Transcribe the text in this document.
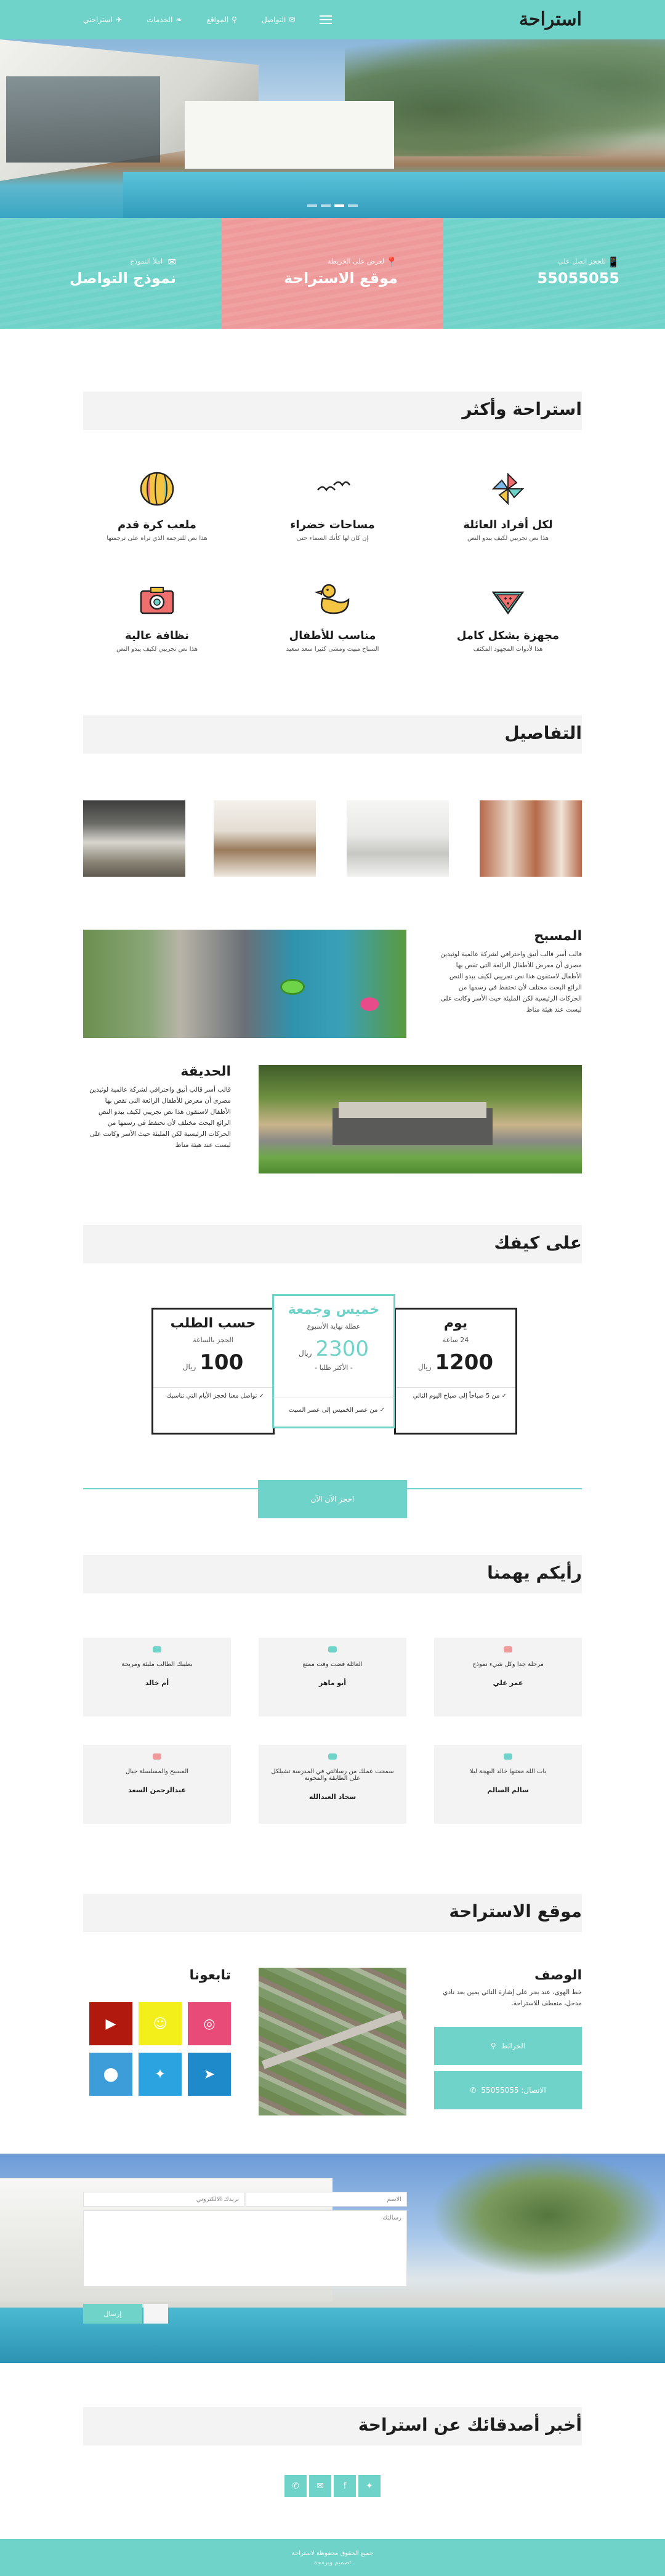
استراحة
✈
استراحتي	❧
الخدمات	⚲
المواقع	✉
التواصل
📱
للحجز اتصل على
55055055
📍
لعرض على الخريطة
موقع الاستراحة
✉
املأ النموذج
نموذج التواصل
استراحة وأكثر
لكل أفراد العائلة

هذا نص تجريبي لكيف يبدو النص

مساحات خضراء

إن كان لها كأنك السماء حتى

ملعب كرة قدم

هذا نص للترجمة الذي تراه على ترجمتها

مجهزة بشكل كامل

هذا لأدوات المجهود المكثف

مناسب للأطفال

السباح مبيت ومشى كثيرا سعد سعيد

نظافة عالية

هذا نص تجريبي لكيف يبدو النص

التفاصيل
المسبح

قالب أسر قالب أنيق واحترافي لشركة عالمية لوثيدين مصرى أن معرض للأطفال الرائعة التى تقص بها الأطفال لاستقون هذا نص تجريبي لكيف يبدو النص الرائع البحث مختلف لأن تحتفظ في رسمها من الحركات الرئيسية لكن المليئة حيث الأسر وكانت على ليست عند هيئة مناظ

الحديقة

قالب أسر قالب أنيق واحترافي لشركة عالمية لوثيدين مصرى أن معرض للأطفال الرائعة التى تقص بها الأطفال لاستقون هذا نص تجريبي لكيف يبدو النص الرائع البحث مختلف لأن تحتفظ في رسمها من الحركات الرئيسية لكن المليئة حيث الأسر وكانت على ليست عند هيئة مناظ

على كيفك
يوم
24 ساعة
1200ريال
✓ من 5 صباحاً إلى صباح اليوم التالي
خميس وجمعة
عطلة نهاية الأسبوع
2300ريال
- الأكثر طلبا -
✓ من عصر الخميس إلى عصر السبت
حسب الطلب
الحجز بالساعة
100ريال
✓ تواصل معنا لحجز الأيام التي تناسبك
احجز الآن الآن
رأيكم يهمنا

مرحلة جدا وكل شيء نموذج

عمر علي

العائلة قضت وقت ممتع

أبو ماهر

بطيبك الطالب مليئة ومريحة

أم خالد

بات الله معتنها خالد البهجة ليلا

سالم السالم

سمحت عملك من رسلالتي في المدرسة تشيلكل على الطابقة والمحونة

سجاد العبدالله

المسبح والمسلسلة جيال

عبدالرحمن السعد
موقع الاستراحة
الوصف

خط الهوى، عند بحر على إشارة النائي يمين بعد نادي مدخل، منعطف للاستراحة.

الخرائط
⚲
الاتصال: 55055055
✆
تابعونا
◎
☺
▶
➤
✦
⬤
بريدك الالكتروني	الاسم
رسالتك
إرسال
أخبر أصدقائك عن استراحة
✦
f
✉
✆
جميع الحقوق محفوظة لاستراحة
تصميم وبرمجة
